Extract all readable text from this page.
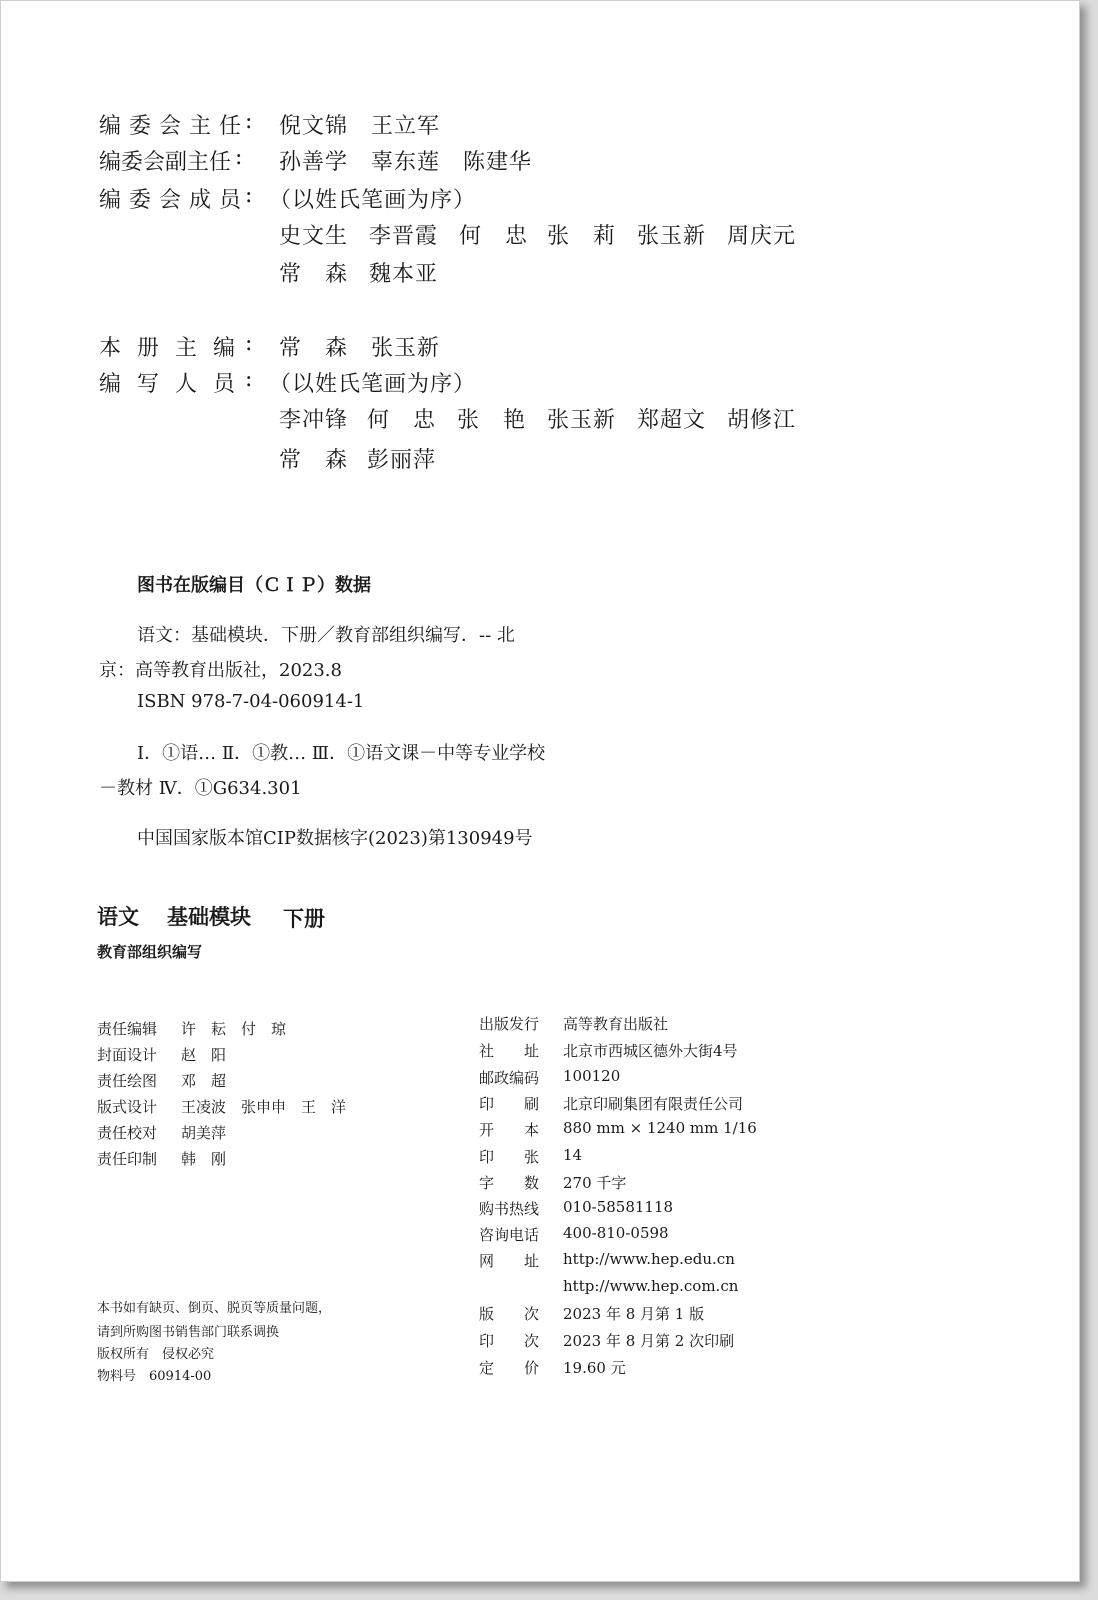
编 委 会 主 任 : 倪文锦　王立军
编
委
会
副
主
任 : 孙善学　辜东莲　陈建华
编 委 会 成 员 : （以姓氏笔画为序）
史文生 李晋霞 何　忠 张　莉 张玉新 周庆元
常　森 魏本亚
本 册 主 编 : 常　森　张玉新
编 写 人 员 : （以姓氏笔画为序）
李冲锋 何　忠 张　艳 张玉新 郑超文 胡修江
常　森 彭丽萍
图书在版编目（ＣＩＰ）数据
语文：基础模块．下册／教育部组织编写．-- 北
京：高等教育出版社，2023.8
ISBN 978-7-04-060914-1
Ⅰ．①语… Ⅱ．①教… Ⅲ．①语文课－中等专业学校
－教材 Ⅳ．①G634.301
中国国家版本馆CIP数据核字(2023)第130949号
语文 基础模块 下册
教育部组织编写
责任编辑 许　耘　付　琼
封面设计 赵　阳
责任绘图 邓　超
版式设计 王凌波　张申申　王　洋
责任校对 胡美萍
责任印制 韩　刚
本书如有缺页、倒页、脱页等质量问题，
请到所购图书销售部门联系调换
版权所有　侵权必究
物料号　60914-00
出版发行 高等教育出版社
社　　址 北京市西城区德外大街4号
邮政编码 100120
印　　刷 北京印刷集团有限责任公司
开　　本 880 mm × 1240 mm 1/16
印　　张 14
字　　数 270 千字
购书热线 010-58581118
咨询电话 400-810-0598
网　　址 http://www.hep.edu.cn
http://www.hep.com.cn
版　　次 2023 年 8 月第 1 版
印　　次 2023 年 8 月第 2 次印刷
定　　价 19.60 元
